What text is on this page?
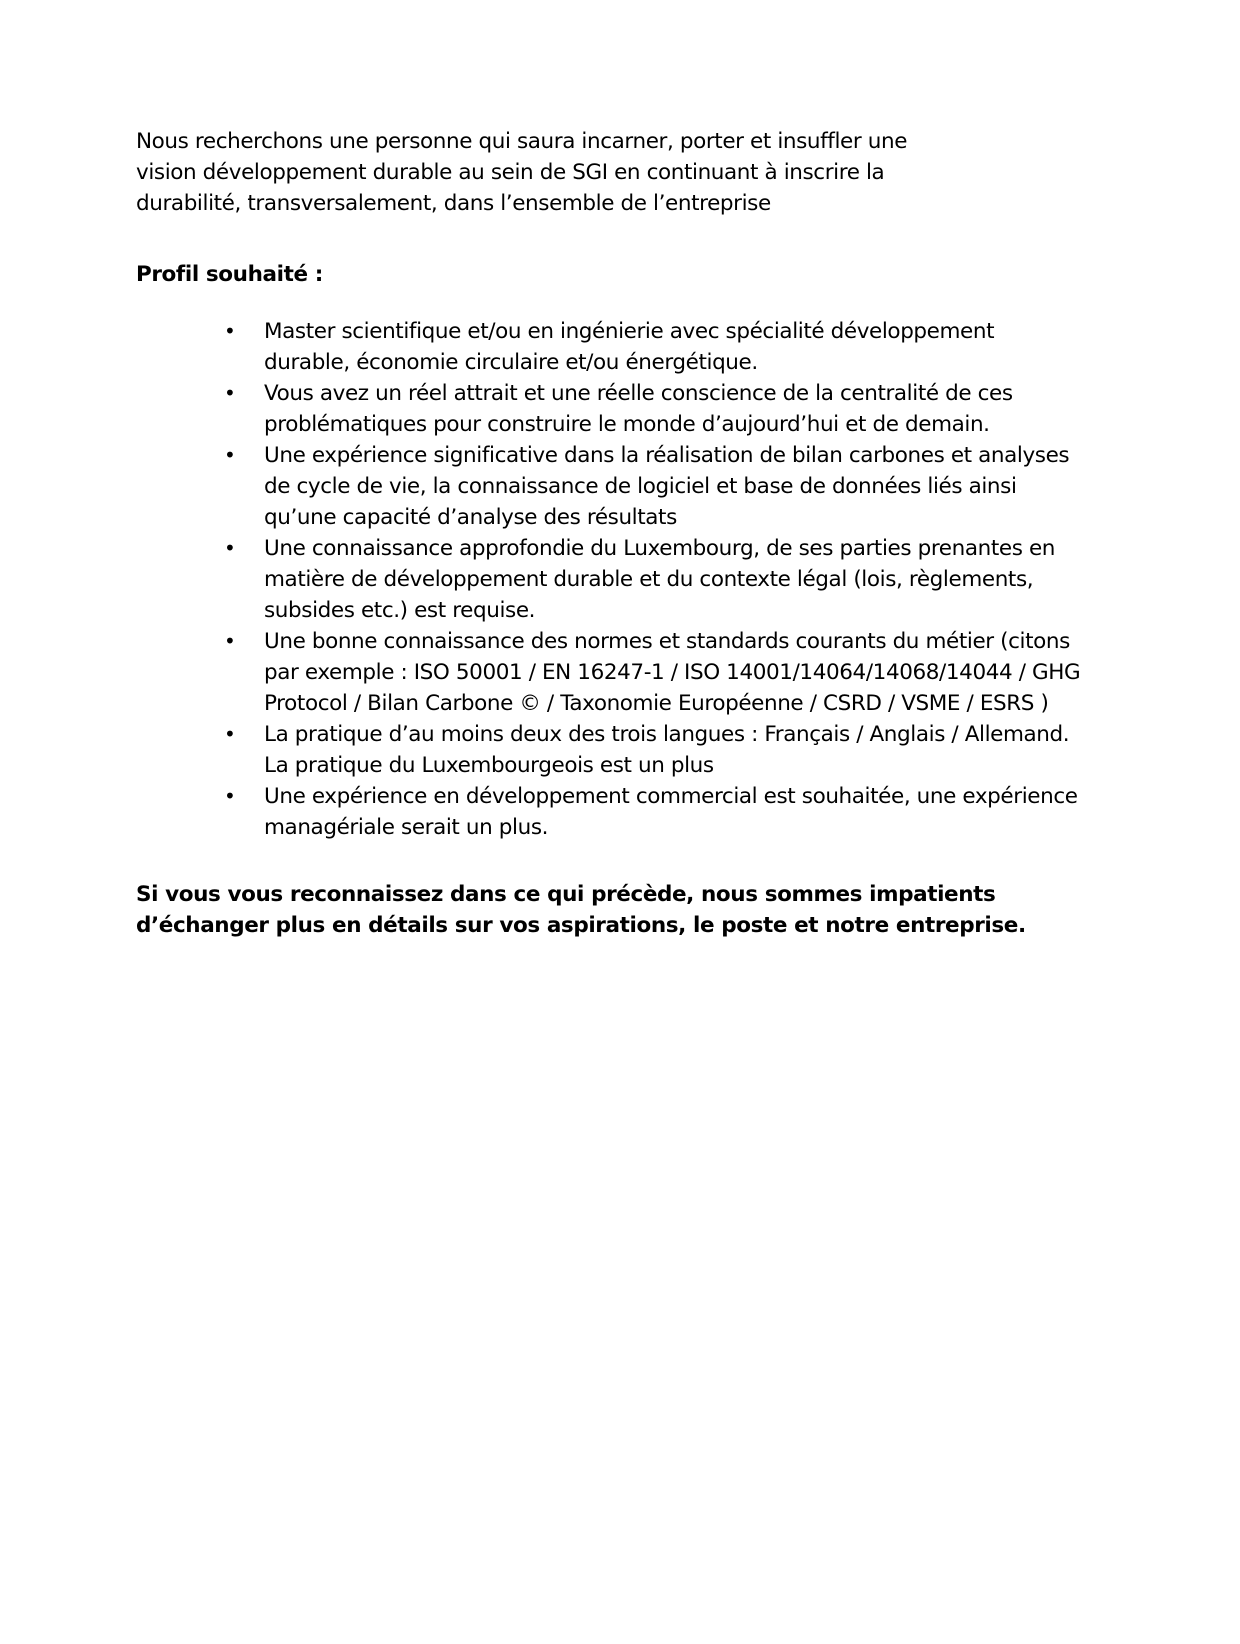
Nous recherchons une personne qui saura incarner, porter et insuffler une vision développement durable au sein de SGI en continuant à inscrire la durabilité, transversalement, dans l’ensemble de l’entreprise

Profil souhaité :

• Master scientifique et/ou en ingénierie avec spécialité développement durable, économie circulaire et/ou énergétique.
• Vous avez un réel attrait et une réelle conscience de la centralité de ces problématiques pour construire le monde d’aujourd’hui et de demain.
• Une expérience significative dans la réalisation de bilan carbones et analyses de cycle de vie, la connaissance de logiciel et base de données liés ainsi qu’une capacité d’analyse des résultats
• Une connaissance approfondie du Luxembourg, de ses parties prenantes en matière de développement durable et du contexte légal (lois, règlements, subsides etc.) est requise.
• Une bonne connaissance des normes et standards courants du métier (citons par exemple : ISO 50001 / EN 16247-1 / ISO 14001/14064/14068/14044 / GHG Protocol / Bilan Carbone © / Taxonomie Européenne / CSRD / VSME / ESRS )
• La pratique d’au moins deux des trois langues : Français / Anglais / Allemand. La pratique du Luxembourgeois est un plus
• Une expérience en développement commercial est souhaitée, une expérience managériale serait un plus.

Si vous vous reconnaissez dans ce qui précède, nous sommes impatients d’échanger plus en détails sur vos aspirations, le poste et notre entreprise.
